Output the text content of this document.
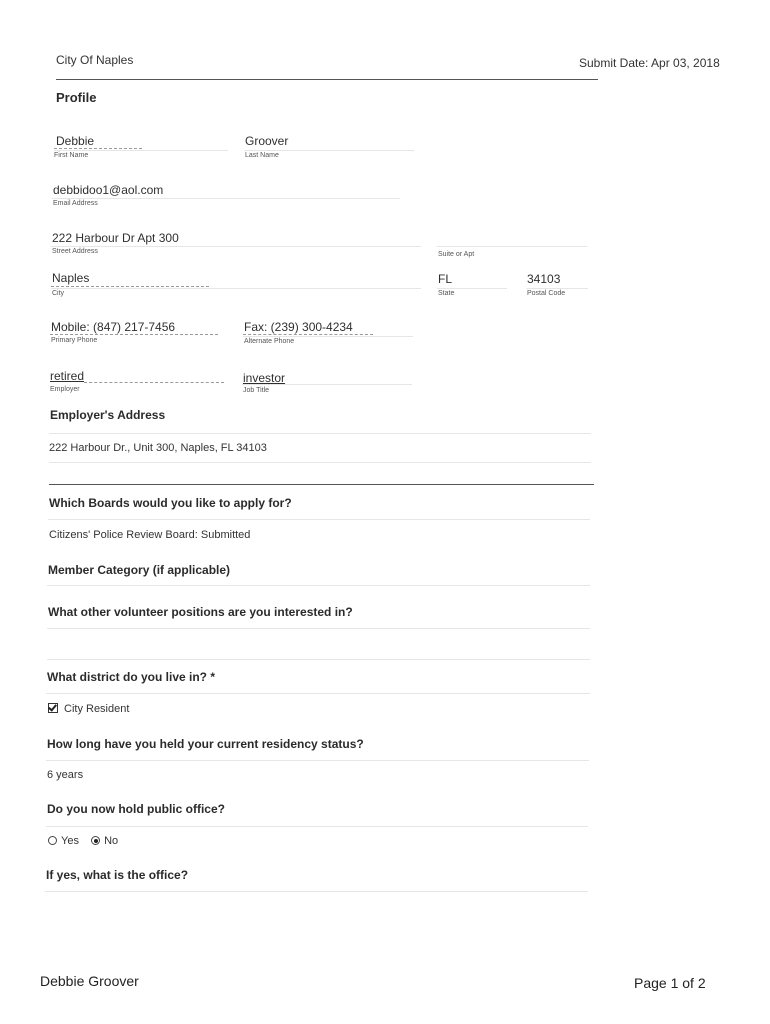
City Of Naples	Submit Date: Apr 03, 2018
Profile
Debbie
First Name
Groover
Last Name
debbidoo1@aol.com
Email Address
222 Harbour Dr Apt 300
Street Address	Suite or Apt
Naples
City
FL
State
34103
Postal Code
Mobile: (847) 217-7456
Primary Phone
Fax: (239) 300-4234
Alternate Phone
retired
Employer
investor
Job Title
Employer's Address
222 Harbour Dr., Unit 300, Naples, FL 34103
Which Boards would you like to apply for?
Citizens' Police Review Board: Submitted
Member Category (if applicable)
What other volunteer positions are you interested in?
What district do you live in? *
City Resident
How long have you held your current residency status?
6 years
Do you now hold public office?
Yes No
If yes, what is the office?
Debbie Groover	Page 1 of 2
